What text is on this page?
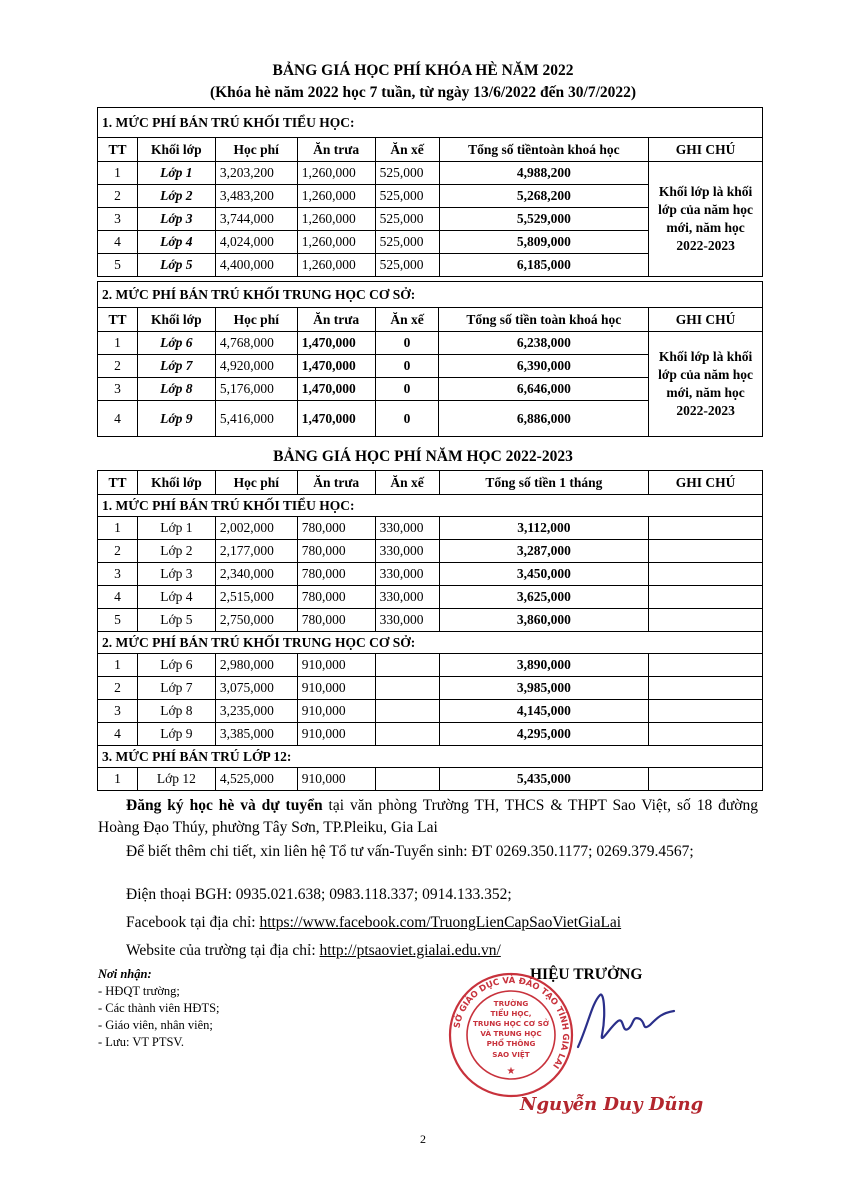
BẢNG GIÁ HỌC PHÍ KHÓA HÈ NĂM 2022
(Khóa hè năm 2022 học 7 tuần, từ ngày 13/6/2022 đến 30/7/2022)
1. MỨC PHÍ BÁN TRÚ KHỐI TIỂU HỌC:						
TT	Khối lớp	Học phí	Ăn trưa	Ăn xế	Tổng số tiềntoàn khoá học	GHI CHÚ
1	Lớp 1	3,203,200	1,260,000	525,000	4,988,200	Khối lớp là khối lớp của năm học mới, năm học 2022-2023
2	Lớp 2	3,483,200	1,260,000	525,000	5,268,200	
3	Lớp 3	3,744,000	1,260,000	525,000	5,529,000	
4	Lớp 4	4,024,000	1,260,000	525,000	5,809,000	
5	Lớp 5	4,400,000	1,260,000	525,000	6,185,000	
2. MỨC PHÍ BÁN TRÚ KHỐI TRUNG HỌC CƠ SỞ:						
TT	Khối lớp	Học phí	Ăn trưa	Ăn xế	Tổng số tiền toàn khoá học	GHI CHÚ
1	Lớp 6	4,768,000	1,470,000	0	6,238,000	Khối lớp là khối lớp của năm học mới, năm học 2022-2023
2	Lớp 7	4,920,000	1,470,000	0	6,390,000	
3	Lớp 8	5,176,000	1,470,000	0	6,646,000	
4	Lớp 9	5,416,000	1,470,000	0	6,886,000	
BẢNG GIÁ HỌC PHÍ NĂM HỌC 2022-2023
TT	Khối lớp	Học phí	Ăn trưa	Ăn xế	Tổng số tiền 1 tháng	GHI CHÚ
1. MỨC PHÍ BÁN TRÚ KHỐI TIỂU HỌC:						
1	Lớp 1	2,002,000	780,000	330,000	3,112,000	
2	Lớp 2	2,177,000	780,000	330,000	3,287,000	
3	Lớp 3	2,340,000	780,000	330,000	3,450,000	
4	Lớp 4	2,515,000	780,000	330,000	3,625,000	
5	Lớp 5	2,750,000	780,000	330,000	3,860,000	
2. MỨC PHÍ BÁN TRÚ KHỐI TRUNG HỌC CƠ SỞ:						
1	Lớp 6	2,980,000	910,000		3,890,000	
2	Lớp 7	3,075,000	910,000		3,985,000	
3	Lớp 8	3,235,000	910,000		4,145,000	
4	Lớp 9	3,385,000	910,000		4,295,000	
3. MỨC PHÍ BÁN TRÚ LỚP 12:						
1	Lớp 12	4,525,000	910,000		5,435,000	
Đăng ký học hè và dự tuyển tại văn phòng Trường TH, THCS & THPT Sao Việt, số 18 đường Hoàng Đạo Thúy, phường Tây Sơn, TP.Pleiku, Gia Lai
Để biết thêm chi tiết, xin liên hệ Tổ tư vấn-Tuyển sinh: ĐT 0269.350.1177; 0269.379.4567;
Điện thoại BGH: 0935.021.638; 0983.118.337; 0914.133.352;
Facebook tại địa chỉ: https://www.facebook.com/TruongLienCapSaoVietGiaLai
Website của trường tại địa chỉ: http://ptsaoviet.gialai.edu.vn/
Nơi nhận:
- HĐQT trường;
- Các thành viên HĐTS;
- Giáo viên, nhân viên;
- Lưu: VT PTSV.
HIỆU TRƯỞNG
SỞ GIÁO DỤC VÀ ĐÀO TẠO TỈNH GIA LAI
TRƯỜNG
TIỂU HỌC,
TRUNG HỌC CƠ SỞ
VÀ TRUNG HỌC
PHỔ THÔNG
SAO VIỆT
★
Nguyễn Duy Dũng
2
